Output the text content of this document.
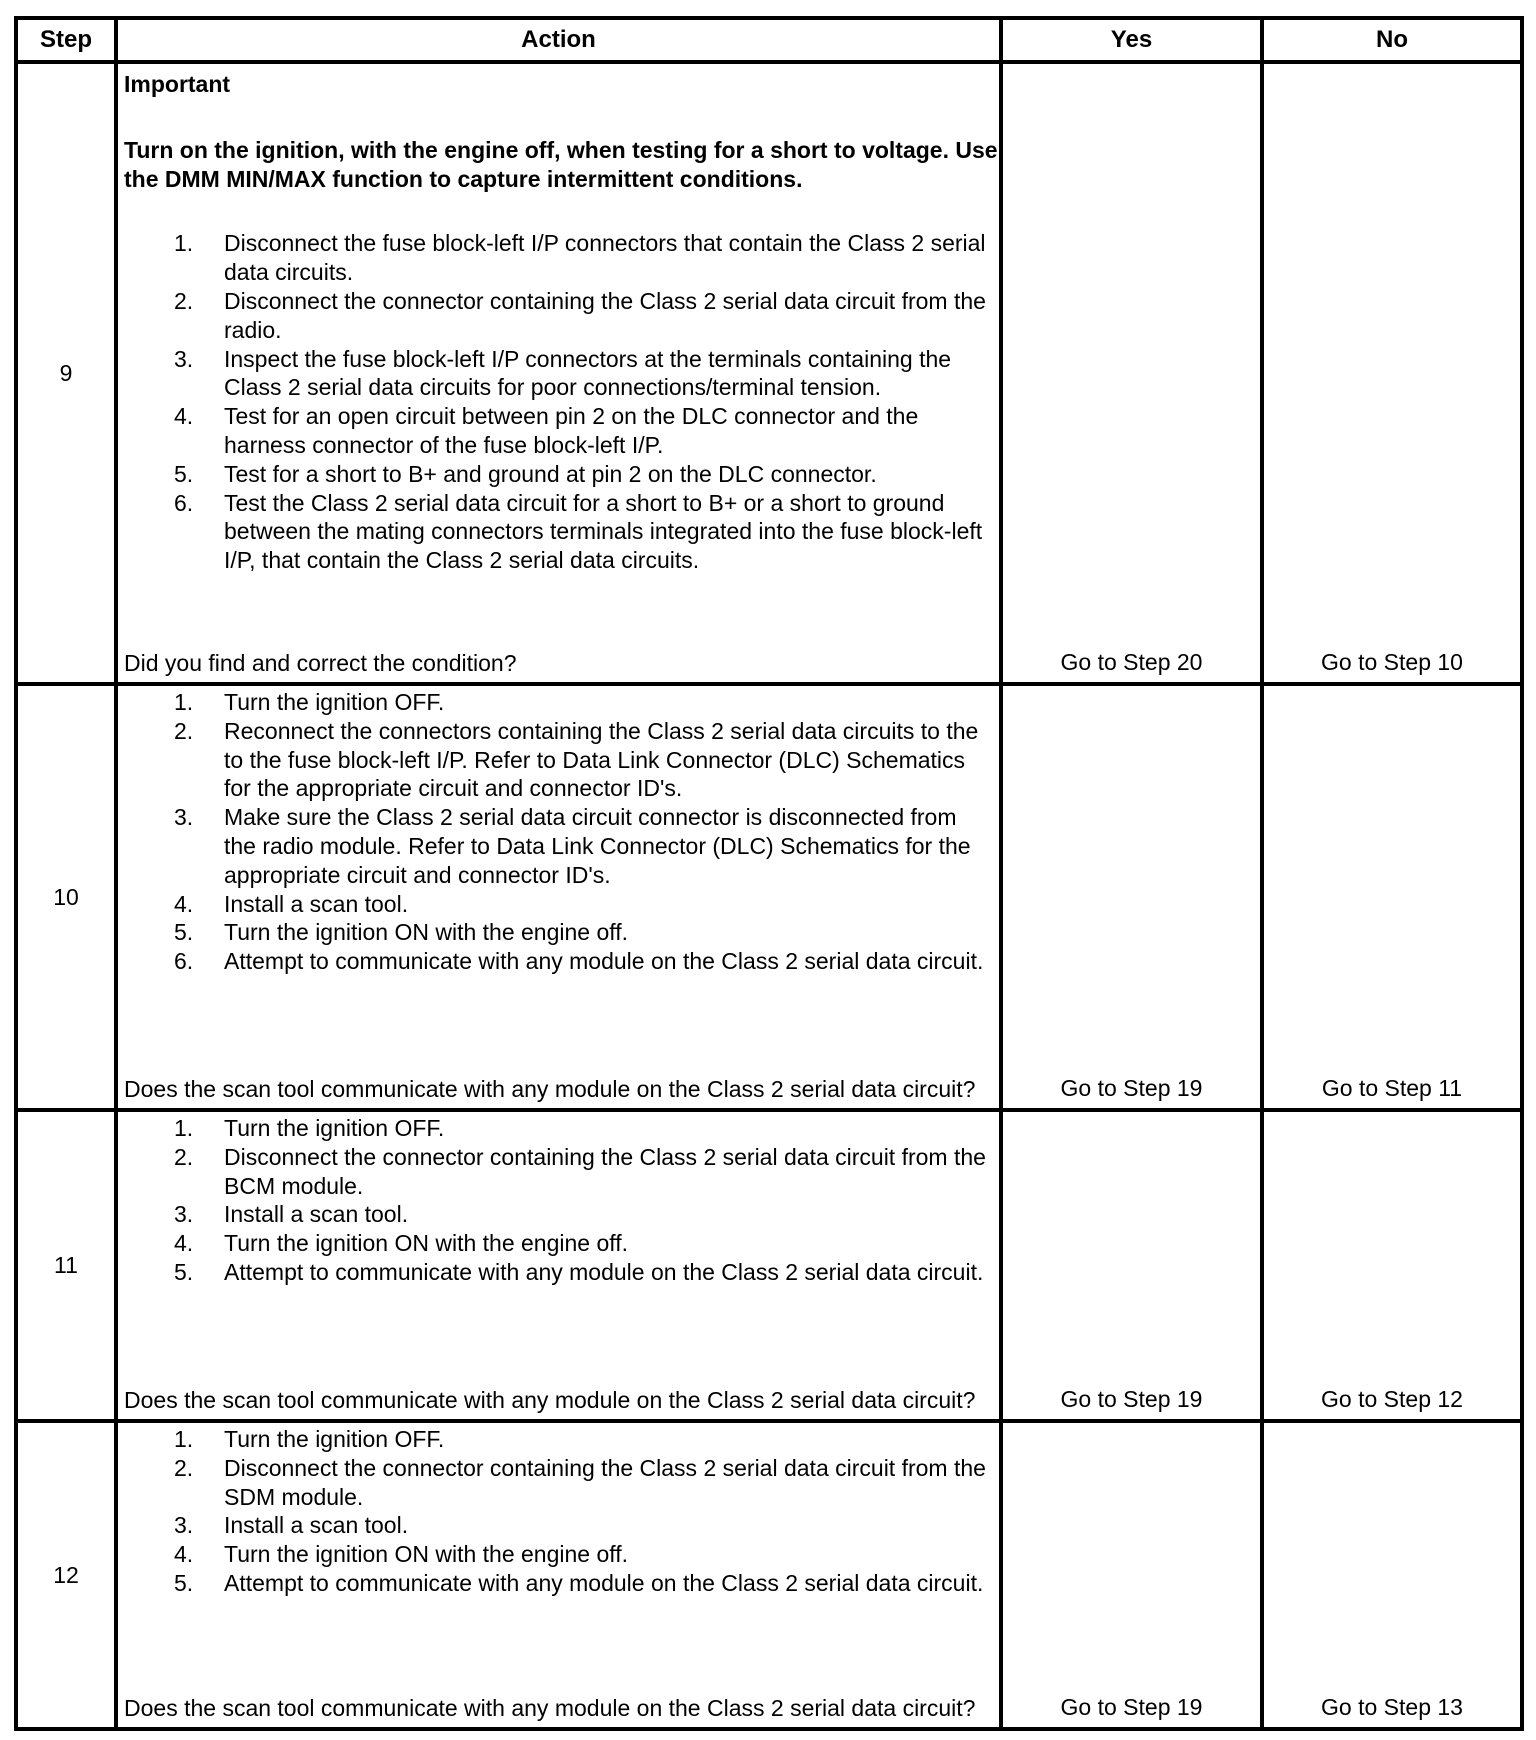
Step	Action	Yes	No
9

Important

Turn on the ignition, with the engine off, when testing for a short to voltage. Use the DMM MIN/MAX function to capture intermittent conditions.

1. Disconnect the fuse block-left I/P connectors that contain the Class 2 serial data circuits.
2. Disconnect the connector containing the Class 2 serial data circuit from the radio.
3. Inspect the fuse block-left I/P connectors at the terminals containing the Class 2 serial data circuits for poor connections/terminal tension.
4. Test for an open circuit between pin 2 on the DLC connector and the harness connector of the fuse block-left I/P.
5. Test for a short to B+ and ground at pin 2 on the DLC connector.
6. Test the Class 2 serial data circuit for a short to B+ or a short to ground between the mating connectors terminals integrated into the fuse block-left I/P, that contain the Class 2 serial data circuits.
Did you find and correct the condition?	Go to Step 20	Go to Step 10
10
1. Turn the ignition OFF.
2. Reconnect the connectors containing the Class 2 serial data circuits to the to the fuse block-left I/P. Refer to Data Link Connector (DLC) Schematics for the appropriate circuit and connector ID's.
3. Make sure the Class 2 serial data circuit connector is disconnected from the radio module. Refer to Data Link Connector (DLC) Schematics for the appropriate circuit and connector ID's.
4. Install a scan tool.
5. Turn the ignition ON with the engine off.
6. Attempt to communicate with any module on the Class 2 serial data circuit.
Does the scan tool communicate with any module on the Class 2 serial data circuit?	Go to Step 19	Go to Step 11
11
1. Turn the ignition OFF.
2. Disconnect the connector containing the Class 2 serial data circuit from the BCM module.
3. Install a scan tool.
4. Turn the ignition ON with the engine off.
5. Attempt to communicate with any module on the Class 2 serial data circuit.
Does the scan tool communicate with any module on the Class 2 serial data circuit?	Go to Step 19	Go to Step 12
12
1. Turn the ignition OFF.
2. Disconnect the connector containing the Class 2 serial data circuit from the SDM module.
3. Install a scan tool.
4. Turn the ignition ON with the engine off.
5. Attempt to communicate with any module on the Class 2 serial data circuit.
Does the scan tool communicate with any module on the Class 2 serial data circuit?	Go to Step 19	Go to Step 13
